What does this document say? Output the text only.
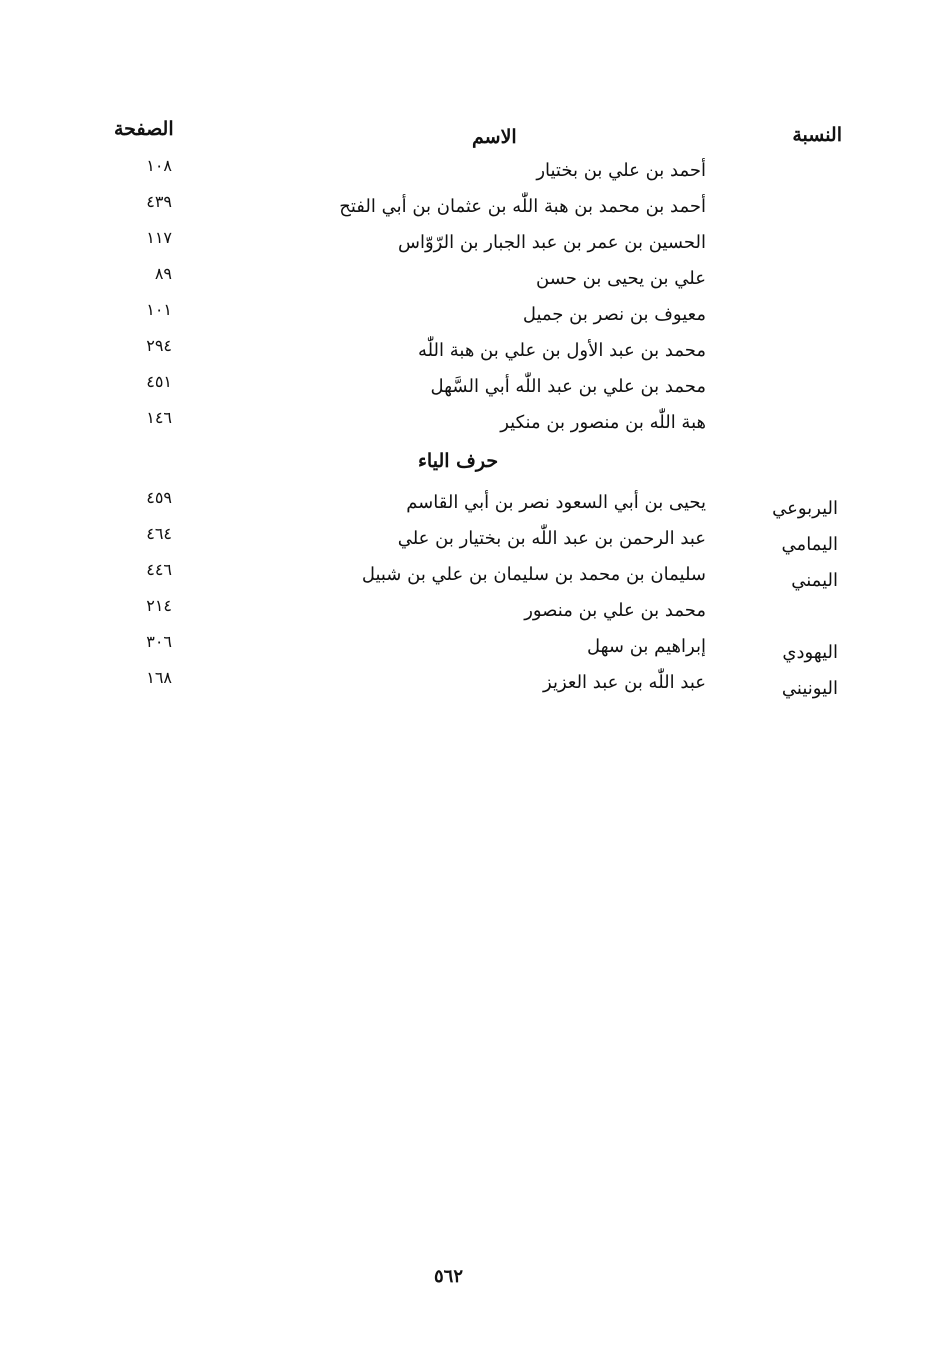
النسبة
الاسم
الصفحة
أحمد بن علي بن بختيار
١٠٨
أحمد بن محمد بن هبة اللّٰه بن عثمان بن أبي الفتح
٤٣٩
الحسين بن عمر بن عبد الجبار بن الرّوّاس
١١٧
علي بن يحيى بن حسن
٨٩
معيوف بن نصر بن جميل
١٠١
محمد بن عبد الأول بن علي بن هبة اللّٰه
٢٩٤
محمد بن علي بن عبد اللّٰه أبي السَّهل
٤٥١
هبة اللّٰه بن منصور بن منكير
١٤٦
حرف الياء
اليربوعي
يحيى بن أبي السعود نصر بن أبي القاسم
٤٥٩
اليمامي
عبد الرحمن بن عبد اللّٰه بن بختيار بن علي
٤٦٤
اليمني
سليمان بن محمد بن سليمان بن علي بن شبيل
٤٤٦
محمد بن علي بن منصور
٢١٤
اليهودي
إبراهيم بن سهل
٣٠٦
اليونيني
عبد اللّٰه بن عبد العزيز
١٦٨
٥٦٢
